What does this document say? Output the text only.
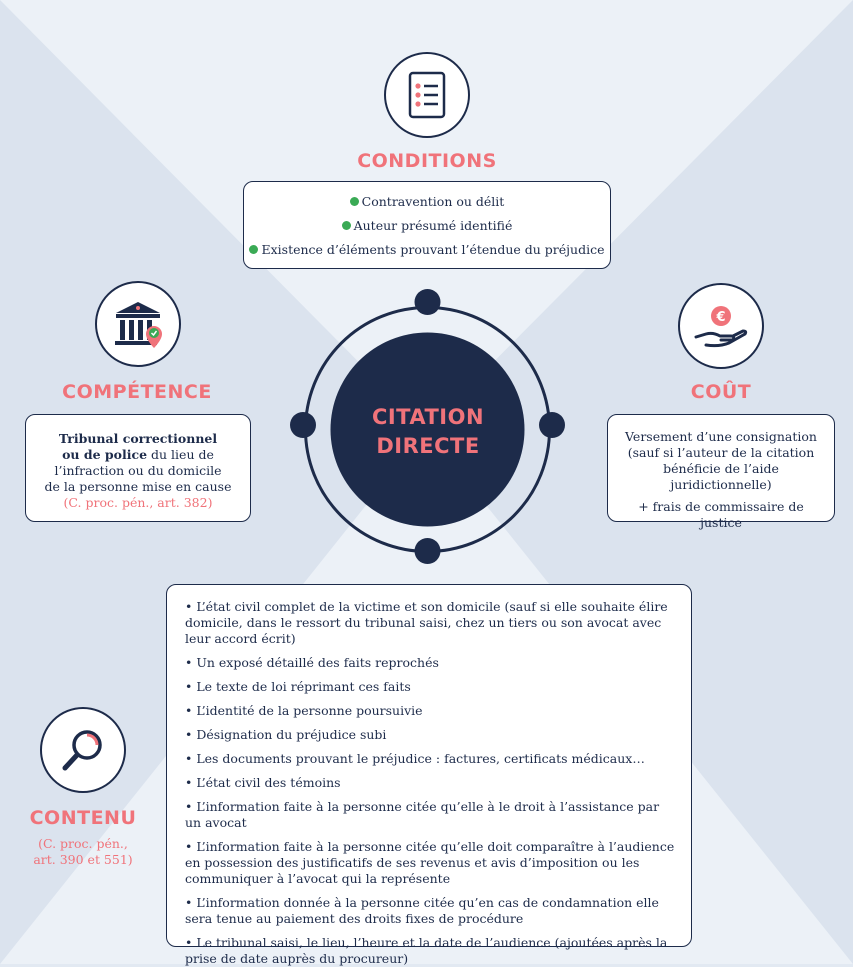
CITATION
DIRECTE
CONDITIONS
Contravention ou délit
Auteur présumé identifié
Existence d’éléments prouvant l’étendue du préjudice
COMPÉTENCE
Tribunal correctionnel
ou de police du lieu de
l’infraction ou du domicile
de la personne mise en cause
(C. proc. pén., art. 382)
€
COÛT
Versement d’une consignation (sauf si l’auteur de la citation bénéficie de l’aide juridictionnelle)
+ frais de commissaire de justice
CONTENU
(C. proc. pén.,
art. 390 et 551)
• L’état civil complet de la victime et son domicile (sauf si elle souhaite élire domicile, dans le ressort du tribunal saisi, chez un tiers ou son avocat avec leur accord écrit)
• Un exposé détaillé des faits reprochés
• Le texte de loi réprimant ces faits
• L’identité de la personne poursuivie
• Désignation du préjudice subi
• Les documents prouvant le préjudice : factures, certificats médicaux…
• L’état civil des témoins
• L’information faite à la personne citée qu’elle à le droit à l’assistance par un avocat
• L’information faite à la personne citée qu’elle doit comparaître à l’audience en possession des justificatifs de ses revenus et avis d’imposition ou les communiquer à l’avocat qui la représente
• L’information donnée à la personne citée qu’en cas de condamnation elle sera tenue au paiement des droits fixes de procédure
• Le tribunal saisi, le lieu, l’heure et la date de l’audience (ajoutées après la prise de date auprès du procureur)
